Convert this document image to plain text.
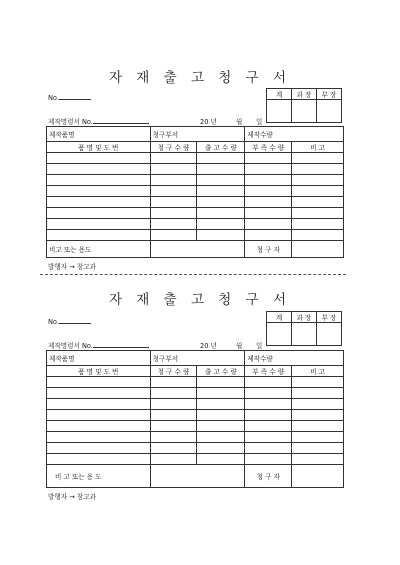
자 재 출 고 청 구 서
No.	계	과 장	부 장

제작명령서 No.	20 년	월 일
제작품명	청구부서		제작수량	
품 명 및 도 번	청 구 수 량	출 고 수 량	부 족 수 량	비 고

비고 또는 용도			청 구 자	
발행자 → 창고과
자 재 출 고 청 구 서
No.	계	과 장	부 장

제작명령서 No.	20 년	월 일
제작품명	청구부서		제작수량	
품 명 및 도 번	청 구 수 량	출 고 수 량	부 족 수 량	비 고

비 고 또는 용 도			청 구 자	
발행자 → 창고과
